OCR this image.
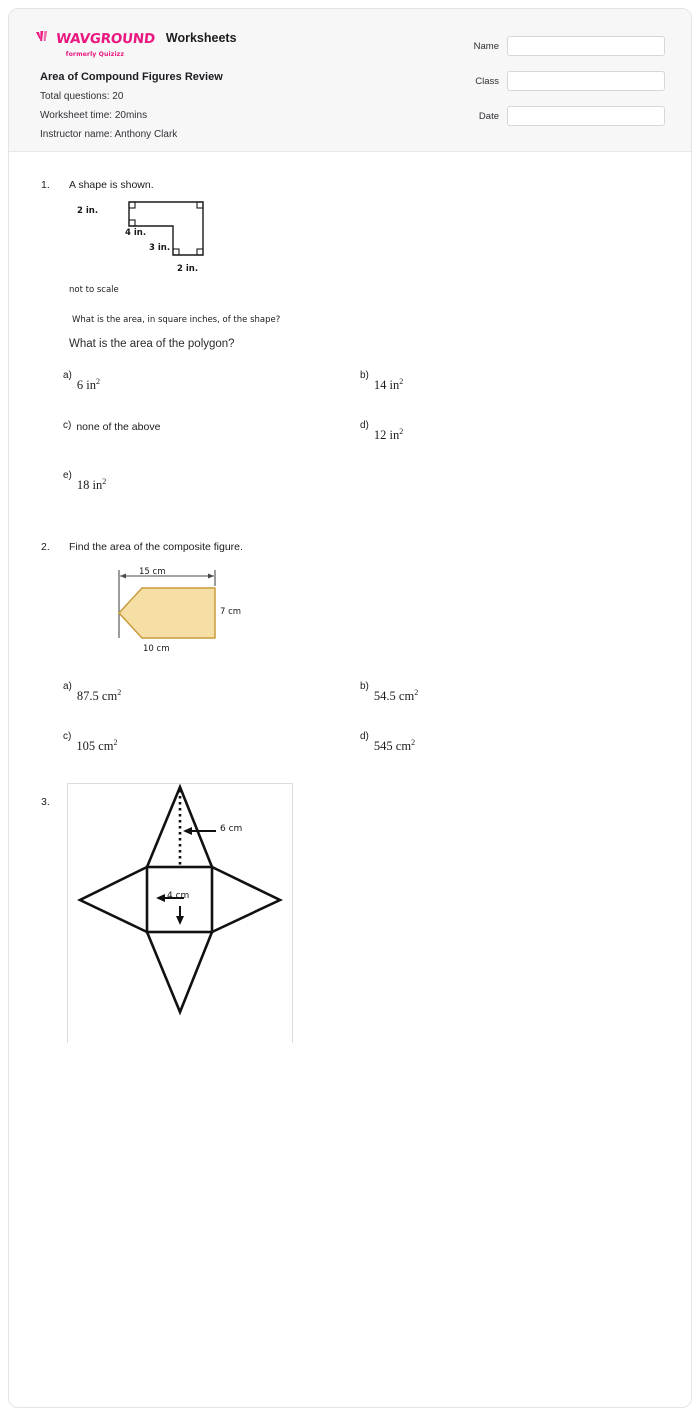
WAVGROUND
formerly Quizizz
Worksheets
Area of Compound Figures Review
Total questions: 20
Worksheet time: 20mins
Instructor name: Anthony Clark
Name
Class
Date
1.	A shape is shown.
2 in.
4 in.
3 in.
2 in.
not to scale
What is the area, in square inches, of the shape?
What is the area of the polygon?
a)
6 $in^2$
b)
14 $in^2$
c) none of the above	d)
12 $in^2$
e)
18 $in^2$
2.	Find the area of the composite figure.
15 cm
7 cm
10 cm
a)
87.5 $cm^2$
b)
54.5 $cm^2$
c)
105 $cm^2$
d)
545 $cm^2$
3.
6 cm
4 cm
